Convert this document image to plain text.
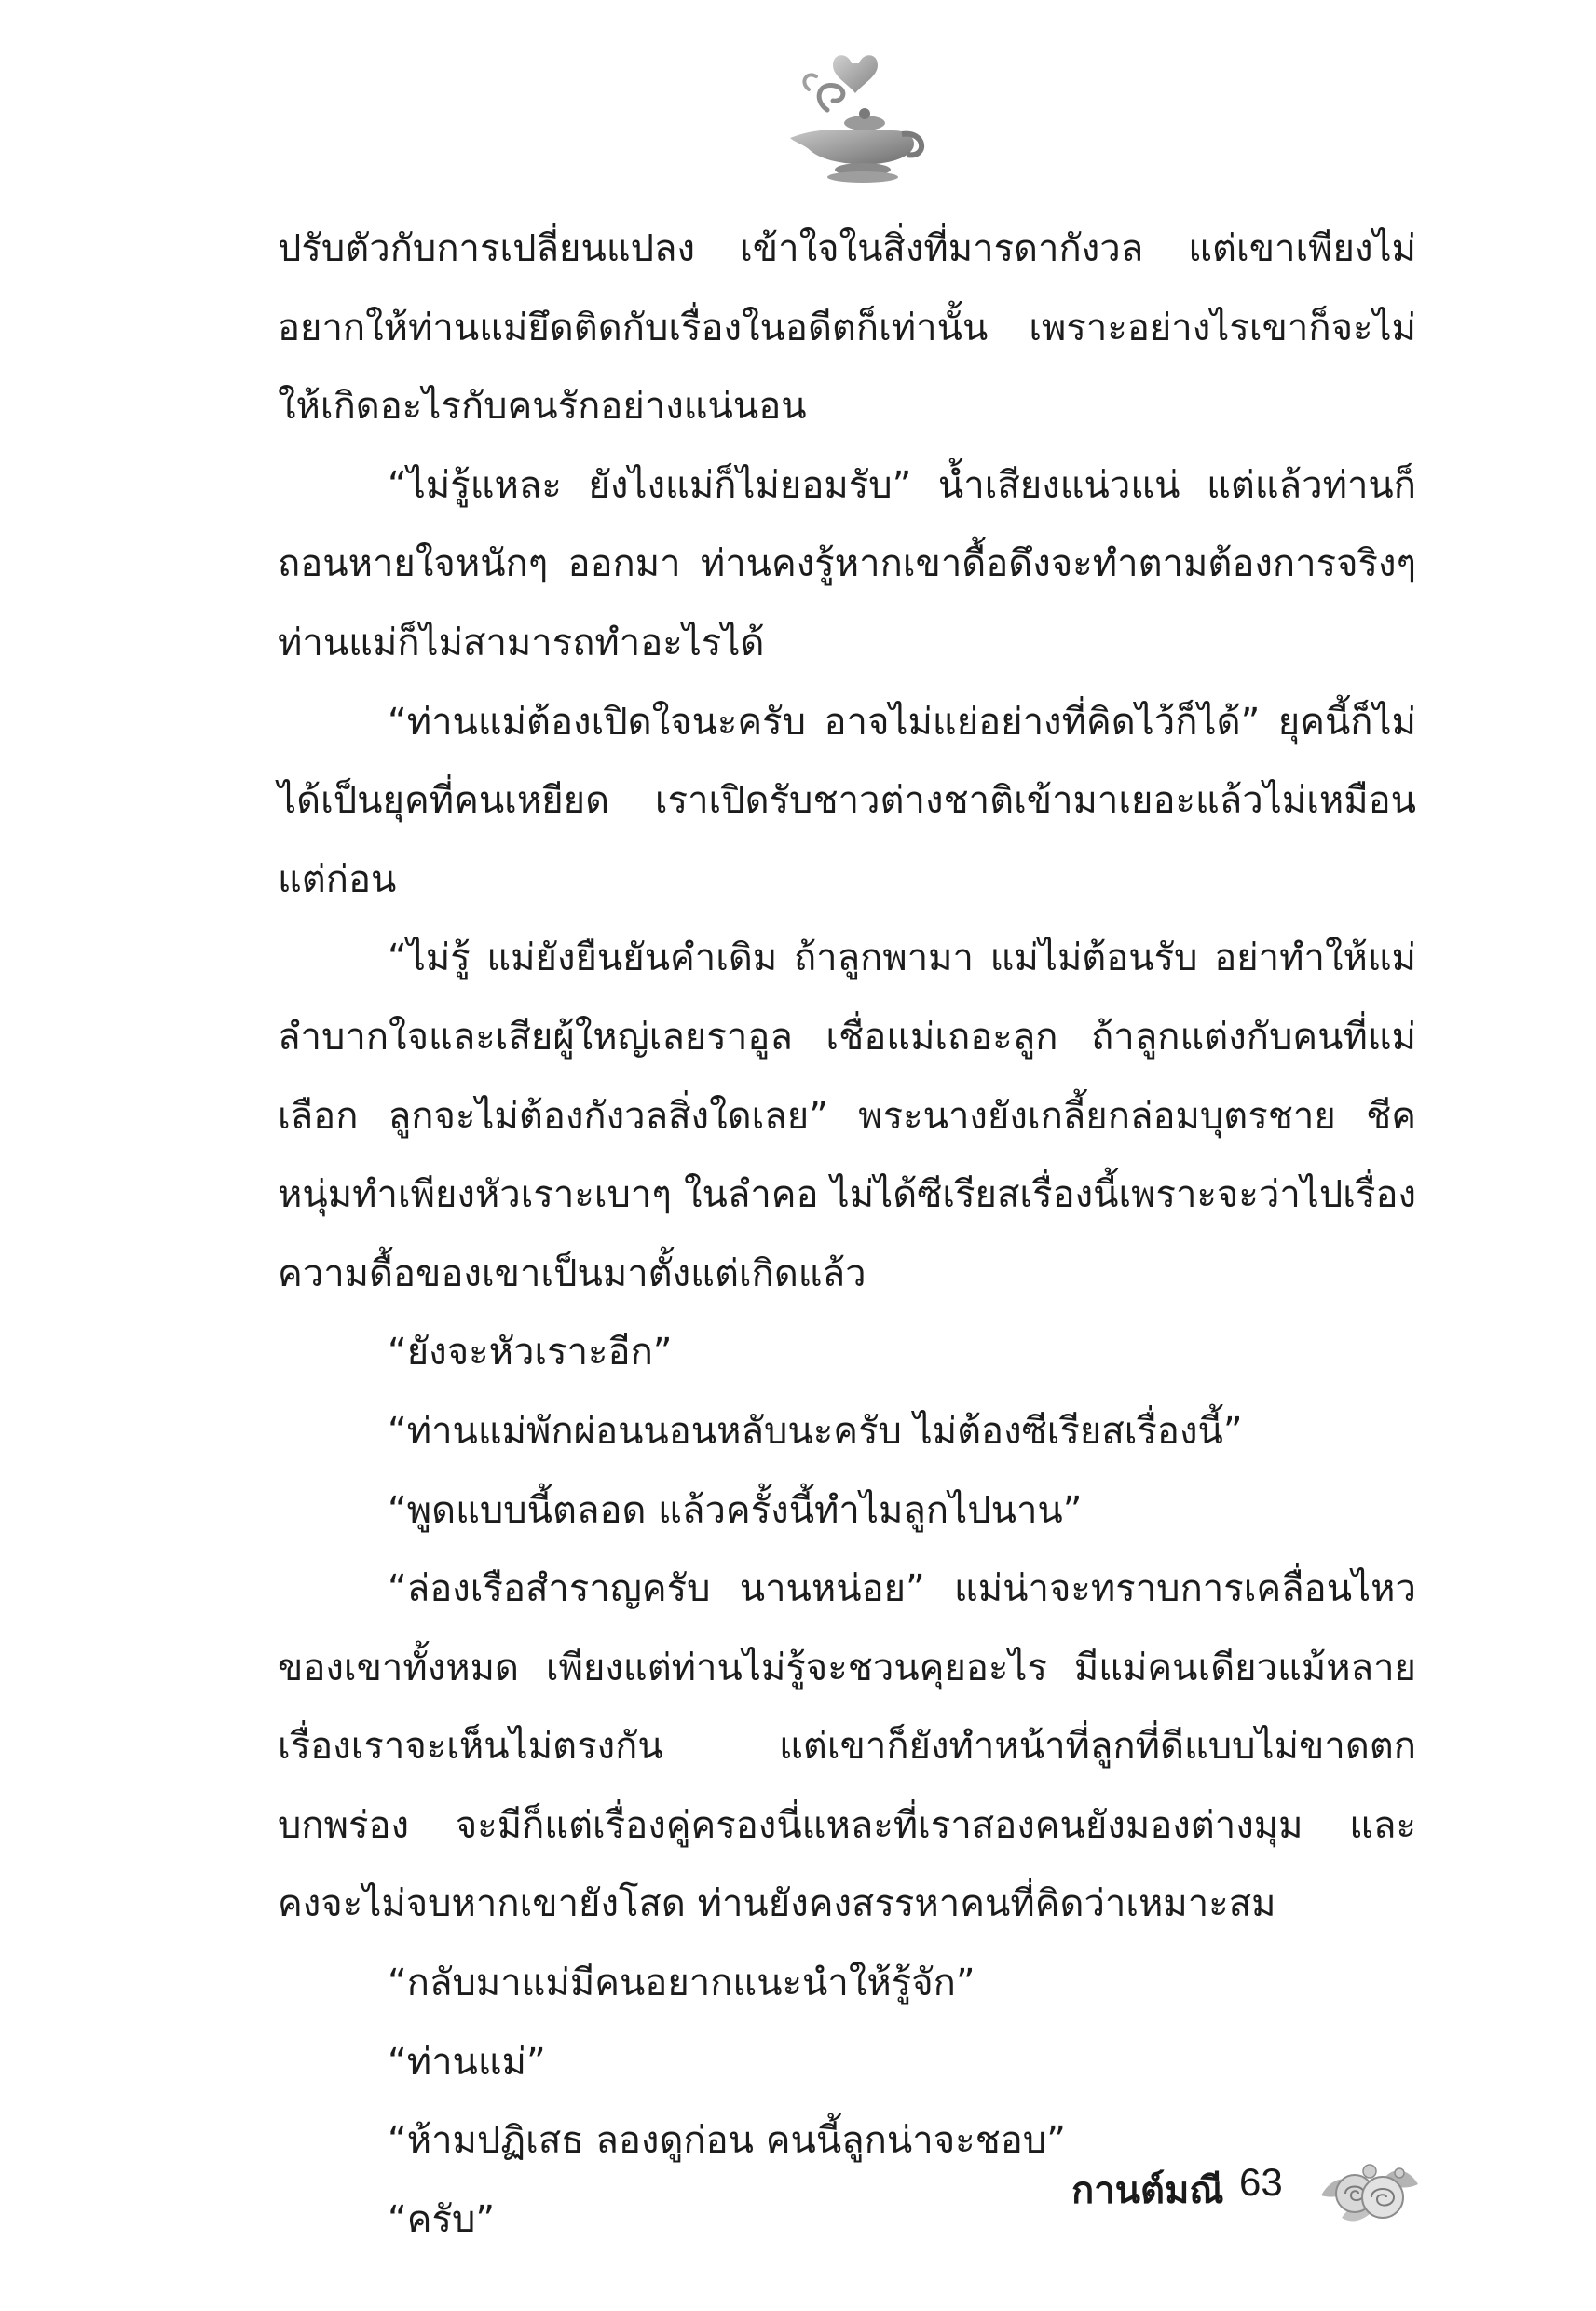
ปรับตัวกับการเปลี่ยนแปลง เข้าใจในสิ่งที่มารดากังวล แต่เขาเพียงไม่อยากให้ท่านแม่ยึดติดกับเรื่องในอดีตก็เท่านั้น เพราะอย่างไรเขาก็จะไม่ให้เกิดอะไรกับคนรักอย่างแน่นอน

“ไม่รู้แหละ ยังไงแม่ก็ไม่ยอมรับ” น้ำเสียงแน่วแน่ แต่แล้วท่านก็ถอนหายใจหนักๆ ออกมา ท่านคงรู้หากเขาดื้อดึงจะทำตามต้องการจริงๆ ท่านแม่ก็ไม่สามารถทำอะไรได้

“ท่านแม่ต้องเปิดใจนะครับ อาจไม่แย่อย่างที่คิดไว้ก็ได้” ยุคนี้ก็ไม่ได้เป็นยุคที่คนเหยียด เราเปิดรับชาวต่างชาติเข้ามาเยอะแล้วไม่เหมือนแต่ก่อน

“ไม่รู้ แม่ยังยืนยันคำเดิม ถ้าลูกพามา แม่ไม่ต้อนรับ อย่าทำให้แม่ลำบากใจและเสียผู้ใหญ่เลยราอูล เชื่อแม่เถอะลูก ถ้าลูกแต่งกับคนที่แม่เลือก ลูกจะไม่ต้องกังวลสิ่งใดเลย” พระนางยังเกลี้ยกล่อมบุตรชาย ชีคหนุ่มทำเพียงหัวเราะเบาๆ ในลำคอ ไม่ได้ซีเรียสเรื่องนี้เพราะจะว่าไปเรื่องความดื้อของเขาเป็นมาตั้งแต่เกิดแล้ว

“ยังจะหัวเราะอีก”

“ท่านแม่พักผ่อนนอนหลับนะครับ ไม่ต้องซีเรียสเรื่องนี้”

“พูดแบบนี้ตลอด แล้วครั้งนี้ทำไมลูกไปนาน”

“ล่องเรือสำราญครับ นานหน่อย” แม่น่าจะทราบการเคลื่อนไหวของเขาทั้งหมด เพียงแต่ท่านไม่รู้จะชวนคุยอะไร มีแม่คนเดียวแม้หลายเรื่องเราจะเห็นไม่ตรงกัน แต่เขาก็ยังทำหน้าที่ลูกที่ดีแบบไม่ขาดตกบกพร่อง จะมีก็แต่เรื่องคู่ครองนี่แหละที่เราสองคนยังมองต่างมุม และคงจะไม่จบหากเขายังโสด ท่านยังคงสรรหาคนที่คิดว่าเหมาะสม

“กลับมาแม่มีคนอยากแนะนำให้รู้จัก”

“ท่านแม่”

“ห้ามปฏิเสธ ลองดูก่อน คนนี้ลูกน่าจะชอบ”

“ครับ”

กานต์มณี 63
